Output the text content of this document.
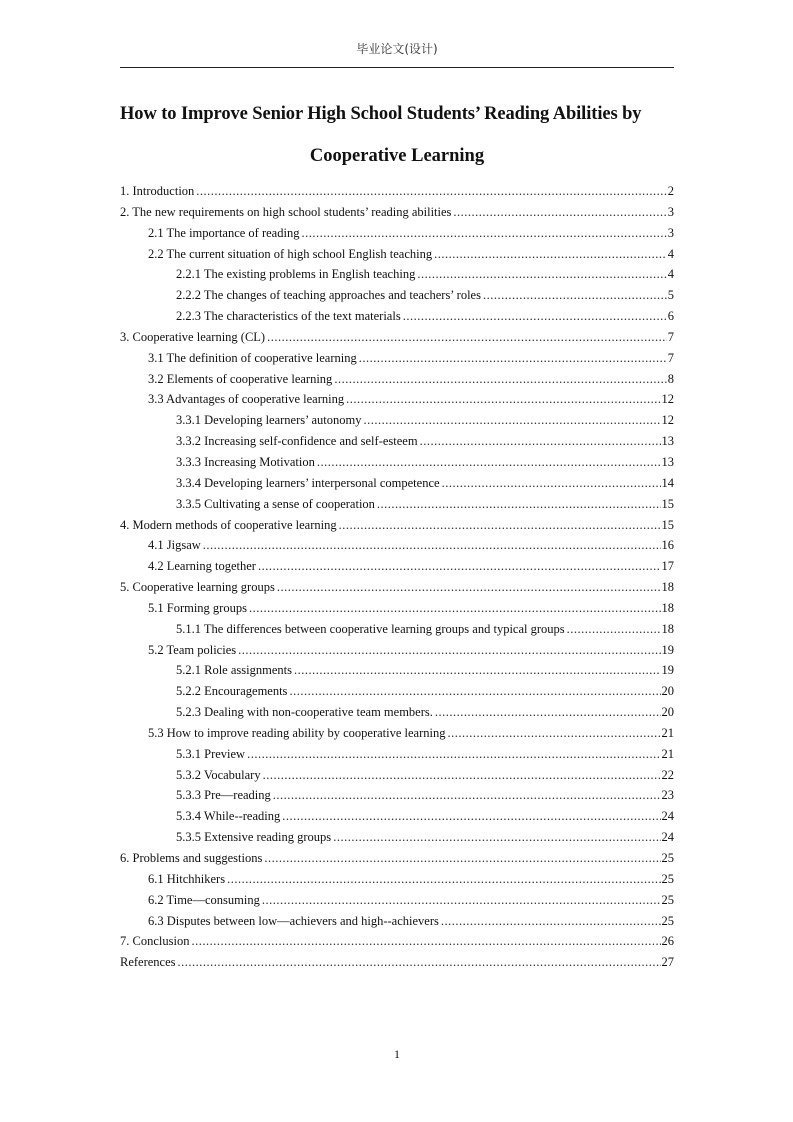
毕业论文(设计)
How to Improve Senior High School Students’ Reading Abilities by
Cooperative Learning
1. Introduction .....	2
2. The new requirements on high school students’ reading abilities .....	3
2.1 The importance of reading .....	3
2.2 The current situation of high school English teaching .....	4
2.2.1 The existing problems in English teaching .....	4
2.2.2 The changes of teaching approaches and teachers’ roles .....	5
2.2.3 The characteristics of the text materials .....	6
3. Cooperative learning (CL) .....	7
3.1 The definition of cooperative learning .....	7
3.2 Elements of cooperative learning .....	8
3.3 Advantages of cooperative learning .....	12
3.3.1 Developing learners’ autonomy .....	12
3.3.2 Increasing self-confidence and self-esteem .....	13
3.3.3 Increasing Motivation .....	13
3.3.4 Developing learners’ interpersonal competence .....	14
3.3.5 Cultivating a sense of cooperation .....	15
4. Modern methods of cooperative learning .....	15
4.1 Jigsaw .....	16
4.2 Learning together .....	17
5. Cooperative learning groups .....	18
5.1 Forming groups .....	18
5.1.1 The differences between cooperative learning groups and typical groups .....	18
5.2 Team policies .....	19
5.2.1 Role assignments .....	19
5.2.2 Encouragements .....	20
5.2.3 Dealing with non-cooperative team members. .....	20
5.3 How to improve reading ability by cooperative learning .....	21
5.3.1 Preview .....	21
5.3.2 Vocabulary .....	22
5.3.3 Pre—reading .....	23
5.3.4 While--reading .....	24
5.3.5 Extensive reading groups .....	24
6. Problems and suggestions .....	25
6.1 Hitchhikers .....	25
6.2 Time—consuming .....	25
6.3 Disputes between low—achievers and high--achievers .....	25
7. Conclusion .....	26
References .....	27
1
